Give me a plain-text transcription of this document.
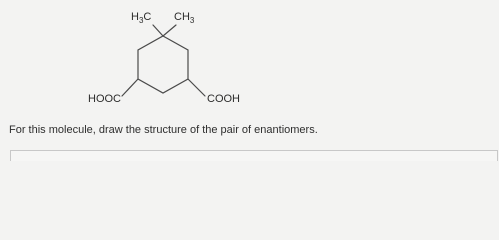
$H_3C$ $CH_3$
HOOC	COOH
For this molecule, draw the structure of the pair of enantiomers.
